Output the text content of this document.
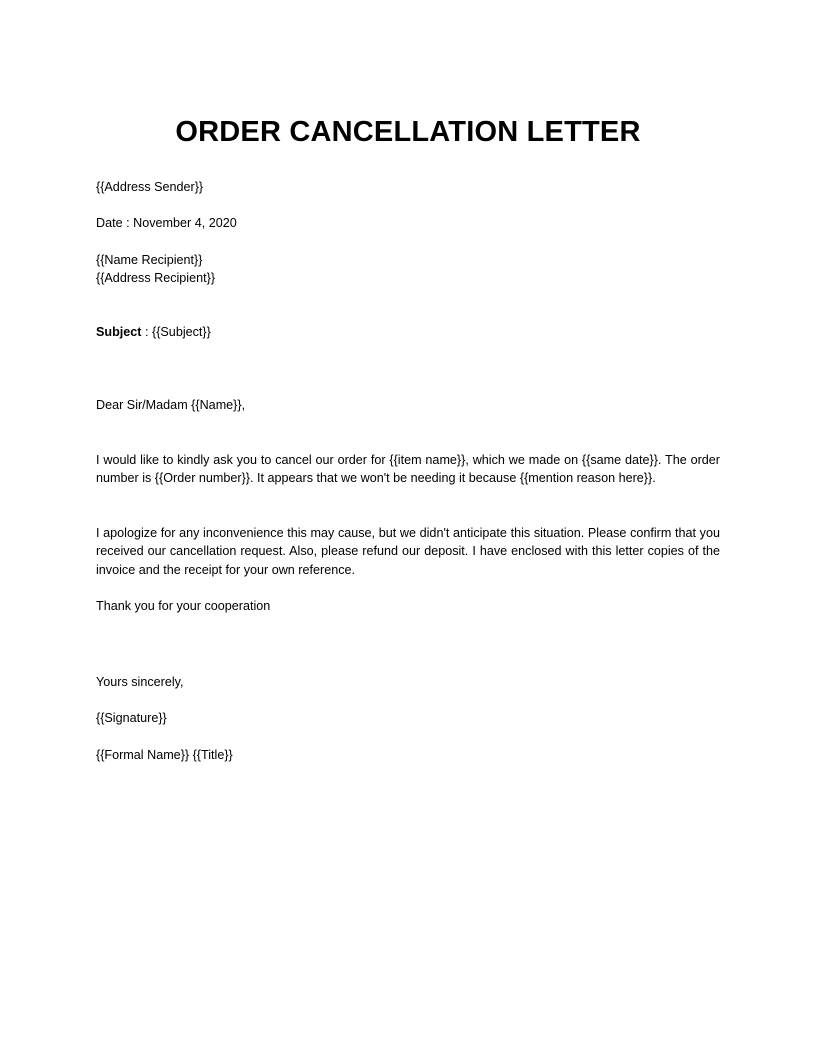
ORDER CANCELLATION LETTER
{{Address Sender}}
Date : November 4, 2020
{{Name Recipient}}
{{Address Recipient}}
Subject : {{Subject}}
Dear Sir/Madam {{Name}},
I would like to kindly ask you to cancel our order for {{item name}}, which we made on {{same date}}. The order number is {{Order number}}. It appears that we won't be needing it because {{mention reason here}}.
I apologize for any inconvenience this may cause, but we didn't anticipate this situation. Please confirm that you received our cancellation request. Also, please refund our deposit. I have enclosed with this letter copies of the invoice and the receipt for your own reference.
Thank you for your cooperation
Yours sincerely,
{{Signature}}
{{Formal Name}} {{Title}}
